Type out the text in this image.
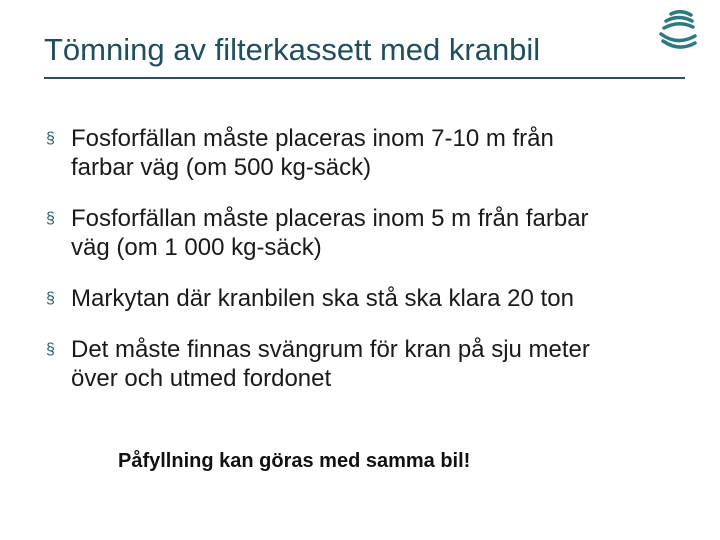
Tömning av filterkassett med kranbil
§ Fosforfällan måste placeras inom 7-10 m från
farbar väg (om 500 kg-säck)
§ Fosforfällan måste placeras inom 5 m från farbar
väg (om 1 000 kg-säck)
§ Markytan där kranbilen ska stå ska klara 20 ton
§ Det måste finnas svängrum för kran på sju meter
över och utmed fordonet
Påfyllning kan göras med samma bil!
